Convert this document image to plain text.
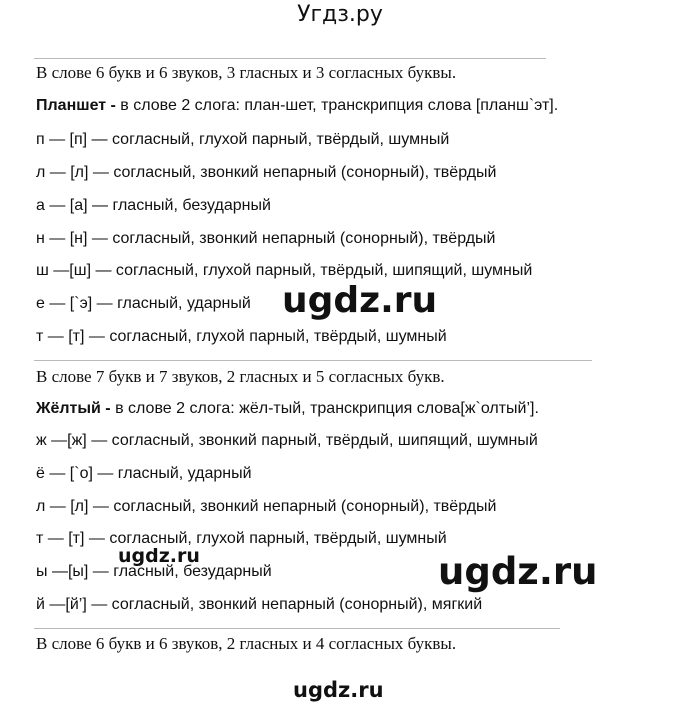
Угдз.ру
В слове 6 букв и 6 звуков, 3 гласных и 3 согласных буквы.
Планшет - в слове 2 слога: план-шет, транскрипция слова [планш`эт].
п — [п] — согласный, глухой парный, твёрдый, шумный
л — [л] — согласный, звонкий непарный (сонорный), твёрдый
а — [а] — гласный, безударный
н — [н] — согласный, звонкий непарный (сонорный), твёрдый
ш —[ш] — согласный, глухой парный, твёрдый, шипящий, шумный
е — [`э] — гласный, ударный
т — [т] — согласный, глухой парный, твёрдый, шумный
В слове 7 букв и 7 звуков, 2 гласных и 5 согласных букв.
Жёлтый - в слове 2 слога: жёл-тый, транскрипция слова[ж`олтый’].
ж —[ж] — согласный, звонкий парный, твёрдый, шипящий, шумный
ё — [`о] — гласный, ударный
л — [л] — согласный, звонкий непарный (сонорный), твёрдый
т — [т] — согласный, глухой парный, твёрдый, шумный
ы —[ы] — гласный, безударный
й —[й’] — согласный, звонкий непарный (сонорный), мягкий
В слове 6 букв и 6 звуков, 2 гласных и 4 согласных буквы.
ugdz.ru
ugdz.ru	ugdz.ru
ugdz.ru
